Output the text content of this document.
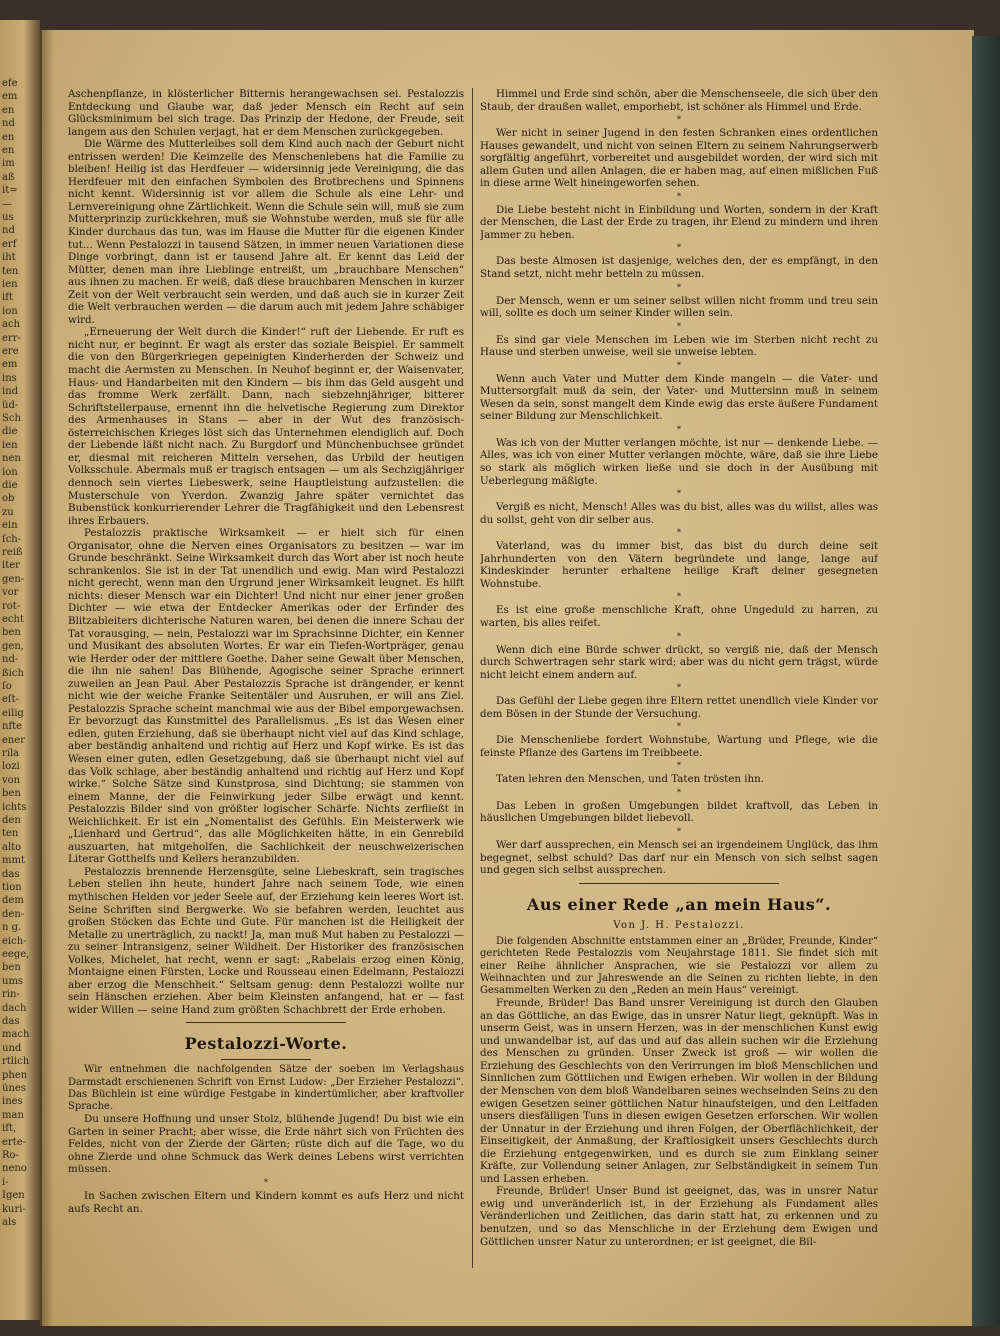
efe
em
en
nd
en
en
im
aß
it=
—
us
nd
erf
iht
ten
ien
ift
ion
ach
err-
ere
em
ins
ind
üd-
Sch
die
ien
nen
ion
die
ob
zu
ein
ſch-
reiß
iter
gen-
vor
rot-
echt
ben
gen,
nd-
ßich
ſo
eſt-
eilig
nfte
ener
rila
lozi
von
ben
ichts
den
ten
alto
mmt
das
tion
dem
den-
n g.
eich-
eege,
ben
ums
rin-
dach
das
mach
und
rtlich
phen
ünes
ines
man
ift,
erte-
Ro-
neno
i-
Igen
kuri-
als

Aschenpflanze, in klösterlicher Bitternis herangewachsen sei. Pestalozzis Entdeckung und Glaube war, daß jeder Mensch ein Recht auf sein Glücksminimum bei sich trage. Das Prinzip der Hedone, der Freude, seit langem aus den Schulen verjagt, hat er dem Menschen zurückgegeben.

Die Wärme des Mutterleibes soll dem Kind auch nach der Geburt nicht entrissen werden! Die Keimzelle des Menschenlebens hat die Familie zu bleiben! Heilig ist das Herdfeuer — widersinnig jede Vereinigung, die das Herdfeuer mit den einfachen Symbolen des Brotbrechens und Spinnens nicht kennt. Widersinnig ist vor allem die Schule als eine Lehr- und Lernvereinigung ohne Zärtlichkeit. Wenn die Schule sein will, muß sie zum Mutterprinzip zurückkehren, muß sie Wohnstube werden, muß sie für alle Kinder durchaus das tun, was im Hause die Mutter für die eigenen Kinder tut... Wenn Pestalozzi in tausend Sätzen, in immer neuen Variationen diese Dinge vorbringt, dann ist er tausend Jahre alt. Er kennt das Leid der Mütter, denen man ihre Lieblinge entreißt, um „brauchbare Menschen“ aus ihnen zu machen. Er weiß, daß diese brauchbaren Menschen in kurzer Zeit von der Welt verbraucht sein werden, und daß auch sie in kurzer Zeit die Welt verbrauchen werden — die darum auch mit jedem Jahre schäbiger wird.

„Erneuerung der Welt durch die Kinder!“ ruft der Liebende. Er ruft es nicht nur, er beginnt. Er wagt als erster das soziale Beispiel. Er sammelt die von den Bürgerkriegen gepeinigten Kinderherden der Schweiz und macht die Aermsten zu Menschen. In Neuhof beginnt er, der Waisenvater, Haus- und Handarbeiten mit den Kindern — bis ihm das Geld ausgeht und das fromme Werk zerfällt. Dann, nach siebzehnjähriger, bitterer Schriftstellerpause, ernennt ihn die helvetische Regierung zum Direktor des Armenhauses in Stans — aber in der Wut des französisch-österreichischen Krieges löst sich das Unternehmen elendiglich auf. Doch der Liebende läßt nicht nach. Zu Burgdorf und Münchenbuchsee gründet er, diesmal mit reicheren Mitteln versehen, das Urbild der heutigen Volksschule. Abermals muß er tragisch entsagen — um als Sechzigjähriger dennoch sein viertes Liebeswerk, seine Hauptleistung aufzustellen: die Musterschule von Yverdon. Zwanzig Jahre später vernichtet das Bubenstück konkurrierender Lehrer die Tragfähigkeit und den Lebensrest ihres Erbauers.

Pestalozzis praktische Wirksamkeit — er hielt sich für einen Organisator, ohne die Nerven eines Organisators zu besitzen — war im Grunde beschränkt. Seine Wirksamkeit durch das Wort aber ist noch heute schrankenlos. Sie ist in der Tat unendlich und ewig. Man wird Pestalozzi nicht gerecht, wenn man den Urgrund jener Wirksamkeit leugnet. Es hilft nichts: dieser Mensch war ein Dichter! Und nicht nur einer jener großen Dichter — wie etwa der Entdecker Amerikas oder der Erfinder des Blitzableiters dichterische Naturen waren, bei denen die innere Schau der Tat vorausging, — nein, Pestalozzi war im Sprachsinne Dichter, ein Kenner und Musikant des absoluten Wortes. Er war ein Tiefen-Wortpräger, genau wie Herder oder der mittlere Goethe. Daher seine Gewalt über Menschen, die ihn nie sahen! Das Blühende, Agogische seiner Sprache erinnert zuweilen an Jean Paul. Aber Pestalozzis Sprache ist drängender, er kennt nicht wie der weiche Franke Seitentäler und Ausruhen, er will ans Ziel. Pestalozzis Sprache scheint manchmal wie aus der Bibel emporgewachsen. Er bevorzugt das Kunstmittel des Parallelismus. „Es ist das Wesen einer edlen, guten Erziehung, daß sie überhaupt nicht viel auf das Kind schlage, aber beständig anhaltend und richtig auf Herz und Kopf wirke. Es ist das Wesen einer guten, edlen Gesetzgebung, daß sie überhaupt nicht viel auf das Volk schlage, aber beständig anhaltend und richtig auf Herz und Kopf wirke.“ Solche Sätze sind Kunstprosa, sind Dichtung; sie stammen von einem Manne, der die Feinwirkung jeder Silbe erwägt und kennt. Pestalozzis Bilder sind von größter logischer Schärfe. Nichts zerfließt in Weichlichkeit. Er ist ein „Nomentalist des Gefühls. Ein Meisterwerk wie „Lienhard und Gertrud“, das alle Möglichkeiten hätte, in ein Genrebild auszuarten, hat mitgeholfen, die Sachlichkeit der neuschweizerischen Literar Gotthelfs und Kellers heranzubilden.

Pestalozzis brennende Herzensgüte, seine Liebeskraft, sein tragisches Leben stellen ihn heute, hundert Jahre nach seinem Tode, wie einen mythischen Helden vor jeder Seele auf, der Erziehung kein leeres Wort ist. Seine Schriften sind Bergwerke. Wo sie befahren werden, leuchtet aus großen Stöcken das Echte und Gute. Für manchen ist die Heiligkeit der Metalle zu unerträglich, zu nackt! Ja, man muß Mut haben zu Pestalozzi — zu seiner Intransigenz, seiner Wildheit. Der Historiker des französischen Volkes, Michelet, hat recht, wenn er sagt: „Rabelais erzog einen König, Montaigne einen Fürsten, Locke und Rousseau einen Edelmann, Pestalozzi aber erzog die Menschheit.“ Seltsam genug: denn Pestalozzi wollte nur sein Hänschen erziehen. Aber beim Kleinsten anfangend, hat er — fast wider Willen — seine Hand zum größten Schachbrett der Erde erhoben.

Pestalozzi-Worte.

Wir entnehmen die nachfolgenden Sätze der soeben im Verlagshaus Darmstadt erschienenen Schrift von Ernst Ludow: „Der Erzieher Pestalozzi“. Das Büchlein ist eine würdige Festgabe in kindertümlicher, aber kraftvoller Sprache.

Du unsere Hoffnung und unser Stolz, blühende Jugend! Du bist wie ein Garten in seiner Pracht; aber wisse, die Erde nährt sich von Früchten des Feldes, nicht von der Zierde der Gärten; rüste dich auf die Tage, wo du ohne Zierde und ohne Schmuck das Werk deines Lebens wirst verrichten müssen.

*

In Sachen zwischen Eltern und Kindern kommt es aufs Herz und nicht aufs Recht an.

Himmel und Erde sind schön, aber die Menschenseele, die sich über den Staub, der draußen wallet, emporhebt, ist schöner als Himmel und Erde.

*

Wer nicht in seiner Jugend in den festen Schranken eines ordentlichen Hauses gewandelt, und nicht von seinen Eltern zu seinem Nahrungserwerb sorgfältig angeführt, vorbereitet und ausgebildet worden, der wird sich mit allem Guten und allen Anlagen, die er haben mag, auf einen mißlichen Fuß in diese arme Welt hineingeworfen sehen.

*

Die Liebe besteht nicht in Einbildung und Worten, sondern in der Kraft der Menschen, die Last der Erde zu tragen, ihr Elend zu mindern und ihren Jammer zu heben.

*

Das beste Almosen ist dasjenige, welches den, der es empfängt, in den Stand setzt, nicht mehr betteln zu müssen.

*

Der Mensch, wenn er um seiner selbst willen nicht fromm und treu sein will, sollte es doch um seiner Kinder willen sein.

*

Es sind gar viele Menschen im Leben wie im Sterben nicht recht zu Hause und sterben unweise, weil sie unweise lebten.

*

Wenn auch Vater und Mutter dem Kinde mangeln — die Vater- und Muttersorgfalt muß da sein, der Vater- und Muttersinn muß in seinem Wesen da sein, sonst mangelt dem Kinde ewig das erste äußere Fundament seiner Bildung zur Menschlichkeit.

*

Was ich von der Mutter verlangen möchte, ist nur — denkende Liebe. — Alles, was ich von einer Mutter verlangen möchte, wäre, daß sie ihre Liebe so stark als möglich wirken ließe und sie doch in der Ausübung mit Ueberlegung mäßigte.

*

Vergiß es nicht, Mensch! Alles was du bist, alles was du willst, alles was du sollst, geht von dir selber aus.

*

Vaterland, was du immer bist, das bist du durch deine seit Jahrhunderten von den Vätern begründete und lange, lange auf Kindeskinder herunter erhaltene heilige Kraft deiner gesegneten Wohnstube.

*

Es ist eine große menschliche Kraft, ohne Ungeduld zu harren, zu warten, bis alles reifet.

*

Wenn dich eine Bürde schwer drückt, so vergiß nie, daß der Mensch durch Schwertragen sehr stark wird; aber was du nicht gern trägst, würde nicht leicht einem andern auf.

*

Das Gefühl der Liebe gegen ihre Eltern rettet unendlich viele Kinder vor dem Bösen in der Stunde der Versuchung.

*

Die Menschenliebe fordert Wohnstube, Wartung und Pflege, wie die feinste Pflanze des Gartens im Treibbeete.

*

Taten lehren den Menschen, und Taten trösten ihn.

*

Das Leben in großen Umgebungen bildet kraftvoll, das Leben in häuslichen Umgebungen bildet liebevoll.

*

Wer darf aussprechen, ein Mensch sei an irgendeinem Unglück, das ihm begegnet, selbst schuld? Das darf nur ein Mensch von sich selbst sagen und gegen sich selbst aussprechen.

Aus einer Rede „an mein Haus“.
Von J. H. Pestalozzi.

Die folgenden Abschnitte entstammen einer an „Brüder, Freunde, Kinder“ gerichteten Rede Pestalozzis vom Neujahrstage 1811. Sie findet sich mit einer Reihe ähnlicher Ansprachen, wie sie Pestalozzi vor allem zu Weihnachten und zur Jahreswende an die Seinen zu richten liebte, in den Gesammelten Werken zu den „Reden an mein Haus“ vereinigt.

Freunde, Brüder! Das Band unsrer Vereinigung ist durch den Glauben an das Göttliche, an das Ewige, das in unsrer Natur liegt, geknüpft. Was in unserm Geist, was in unsern Herzen, was in der menschlichen Kunst ewig und unwandelbar ist, auf das und auf das allein suchen wir die Erziehung des Menschen zu gründen. Unser Zweck ist groß — wir wollen die Erziehung des Geschlechts von den Verirrungen im bloß Menschlichen und Sinnlichen zum Göttlichen und Ewigen erheben. Wir wollen in der Bildung der Menschen von dem bloß Wandelbaren seines wechselnden Seins zu den ewigen Gesetzen seiner göttlichen Natur hinaufsteigen, und den Leitfaden unsers diesfälligen Tuns in diesen ewigen Gesetzen erforschen. Wir wollen der Unnatur in der Erziehung und ihren Folgen, der Oberflächlichkeit, der Einseitigkeit, der Anmaßung, der Kraftlosigkeit unsers Geschlechts durch die Erziehung entgegenwirken, und es durch sie zum Einklang seiner Kräfte, zur Vollendung seiner Anlagen, zur Selbständigkeit in seinem Tun und Lassen erheben.

Freunde, Brüder! Unser Bund ist geeignet, das, was in unsrer Natur ewig und unveränderlich ist, in der Erziehung als Fundament alles Veränderlichen und Zeitlichen, das darin statt hat, zu erkennen und zu benutzen, und so das Menschliche in der Erziehung dem Ewigen und Göttlichen unsrer Natur zu unterordnen; er ist geeignet, die Bil-
